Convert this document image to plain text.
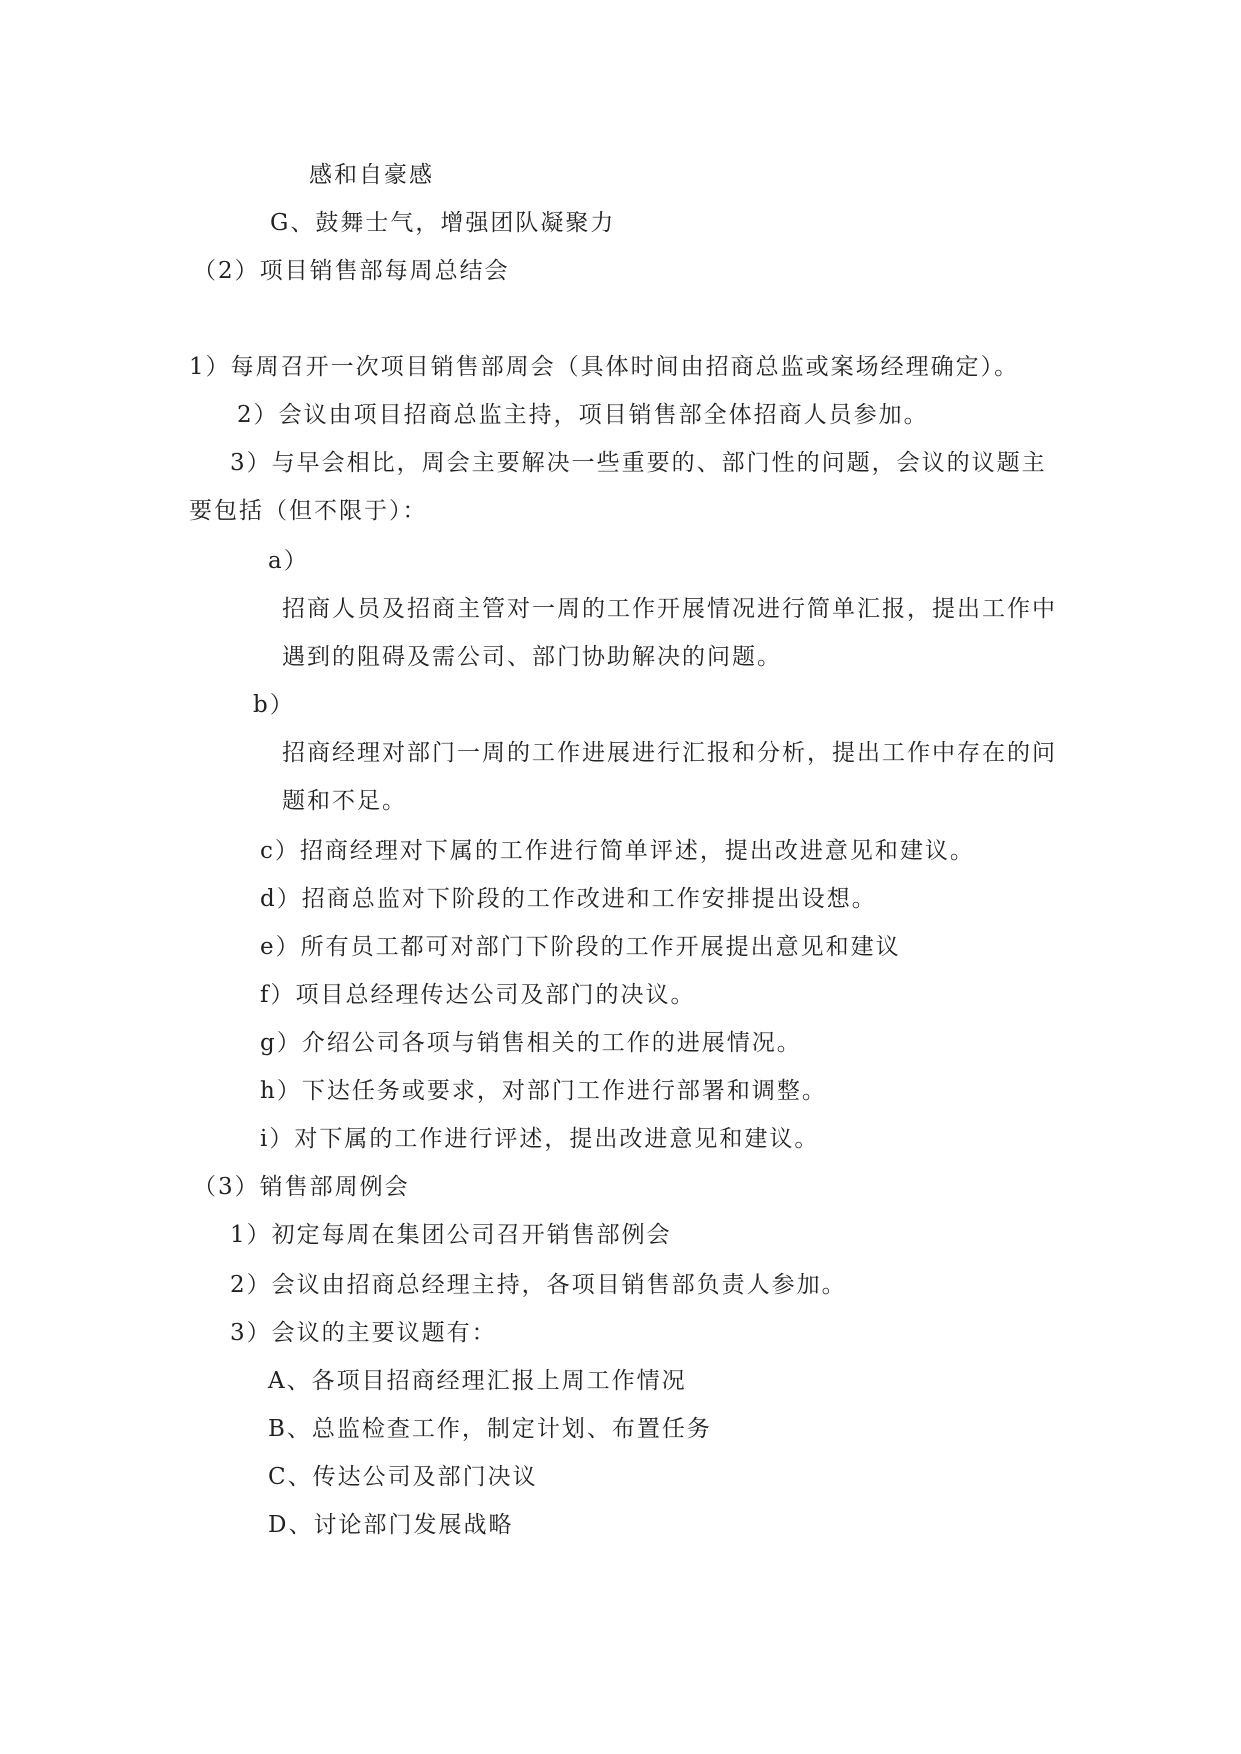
感和自豪感
G、鼓舞士气，增强团队凝聚力
（2）项目销售部每周总结会
1）每周召开一次项目销售部周会（具体时间由招商总监或案场经理确定）。
2）会议由项目招商总监主持，项目销售部全体招商人员参加。
3）与早会相比，周会主要解决一些重要的、部门性的问题，会议的议题主
要包括（但不限于）：
a）
招商人员及招商主管对一周的工作开展情况进行简单汇报，提出工作中
遇到的阻碍及需公司、部门协助解决的问题。
b）
招商经理对部门一周的工作进展进行汇报和分析，提出工作中存在的问
题和不足。
c）招商经理对下属的工作进行简单评述，提出改进意见和建议。
d）招商总监对下阶段的工作改进和工作安排提出设想。
e）所有员工都可对部门下阶段的工作开展提出意见和建议
f）项目总经理传达公司及部门的决议。
g）介绍公司各项与销售相关的工作的进展情况。
h）下达任务或要求，对部门工作进行部署和调整。
i）对下属的工作进行评述，提出改进意见和建议。
（3）销售部周例会
1）初定每周在集团公司召开销售部例会
2）会议由招商总经理主持，各项目销售部负责人参加。
3）会议的主要议题有：
A、各项目招商经理汇报上周工作情况
B、总监检查工作，制定计划、布置任务
C、传达公司及部门决议
D、讨论部门发展战略
